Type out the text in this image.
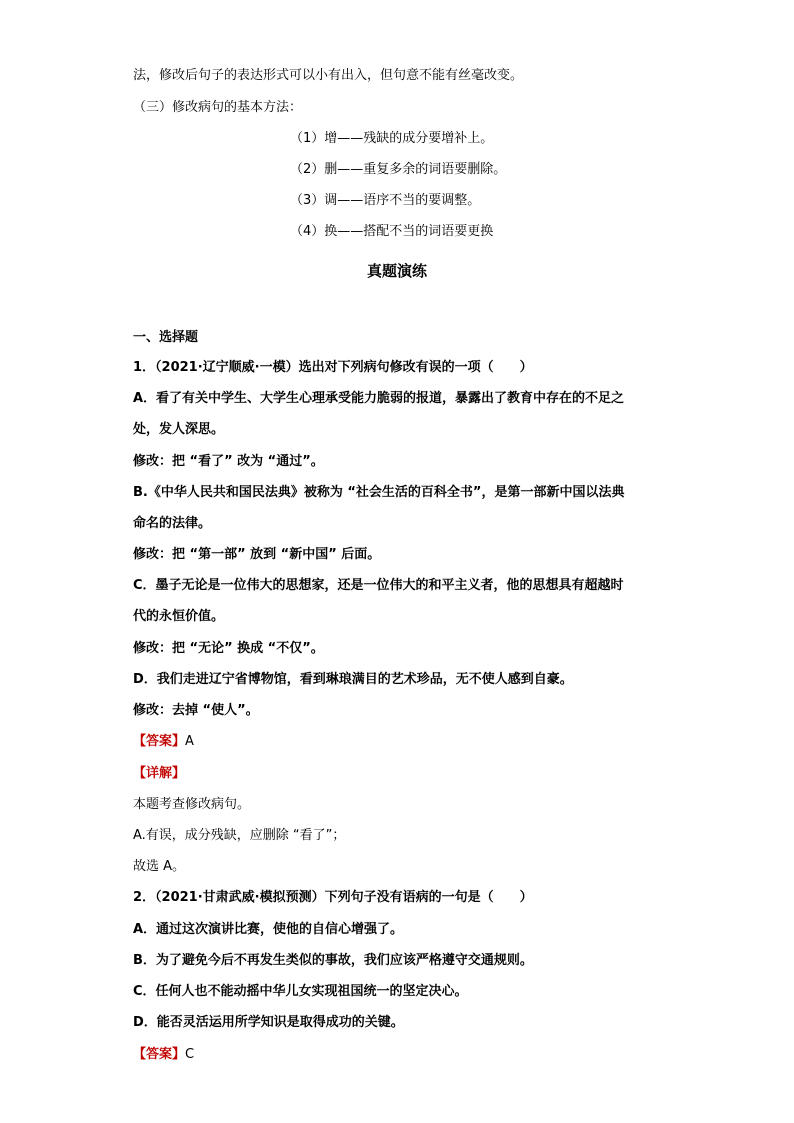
法，修改后句子的表达形式可以小有出入，但句意不能有丝毫改变。
（三）修改病句的基本方法：
（1）增——残缺的成分要增补上。
（2）删——重复多余的词语要删除。
（3）调——语序不当的要调整。
（4）换——搭配不当的词语要更换
真题演练
一、选择题
1．（2021·辽宁顺威·一模）选出对下列病句修改有误的一项（　　）
A．看了有关中学生、大学生心理承受能力脆弱的报道，暴露出了教育中存在的不足之
处，发人深思。
修改：把 “看了” 改为 “通过”。
B.《中华人民共和国民法典》被称为 “社会生活的百科全书”，是第一部新中国以法典
命名的法律。
修改：把 “第一部” 放到 “新中国” 后面。
C．墨子无论是一位伟大的思想家，还是一位伟大的和平主义者，他的思想具有超越时
代的永恒价值。
修改：把 “无论” 换成 “不仅”。
D．我们走进辽宁省博物馆，看到琳琅满目的艺术珍品，无不使人感到自豪。
修改：去掉 “使人”。
【答案】A
【详解】
本题考查修改病句。
A.有误，成分残缺，应删除 “看了”；
故选 A。
2．（2021·甘肃武威·模拟预测）下列句子没有语病的一句是（　　）
A．通过这次演讲比赛，使他的自信心增强了。
B．为了避免今后不再发生类似的事故，我们应该严格遵守交通规则。
C．任何人也不能动摇中华儿女实现祖国统一的坚定决心。
D．能否灵活运用所学知识是取得成功的关键。
【答案】C
